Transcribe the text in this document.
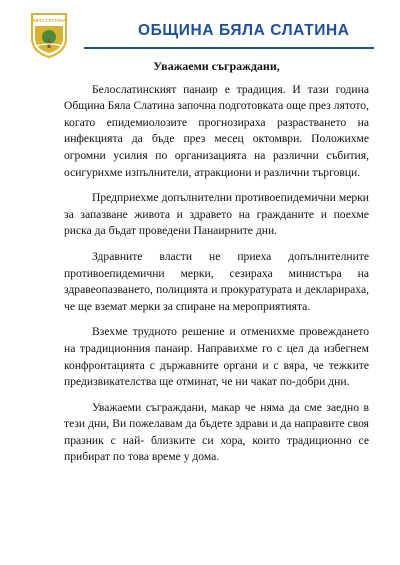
БЯЛА СЛАТИНА
ОБЩИНА БЯЛА СЛАТИНА

Уважаеми съграждани,

Белослатинският панаир е традиция. И тази година Община Бяла Слатина започна подготовката още през лятото, когато епидемиолозите прогнозираха разрастването на инфекцията да бъде през месец октомври. Положихме огромни усилия по организацията на различни събития, осигурихме изпълнители, атракциони и различни търговци.

Предприехме допълнителни противоепидемични мерки за запазване живота и здравето на гражданите и поехме риска да бъдат проведени Панаирните дни.

Здравните власти не приеха допълнителните противоепидемични мерки, сезираха министъра на здравеопазването, полицията и прокуратурата и декларираха, че ще вземат мерки за спиране на мероприятията.

Взехме трудното решение и отменихме провеждането на традиционния панаир. Направихме го с цел да избегнем конфронтацията с държавните органи и с вяра, че тежките предизвикателства ще отминат, че ни чакат по-добри дни.

Уважаеми съграждани, макар че няма да сме заедно в тези дни, Ви пожелавам да бъдете здрави и да направите своя празник с най- близките си хора, които традиционно се прибират по това време у дома.
